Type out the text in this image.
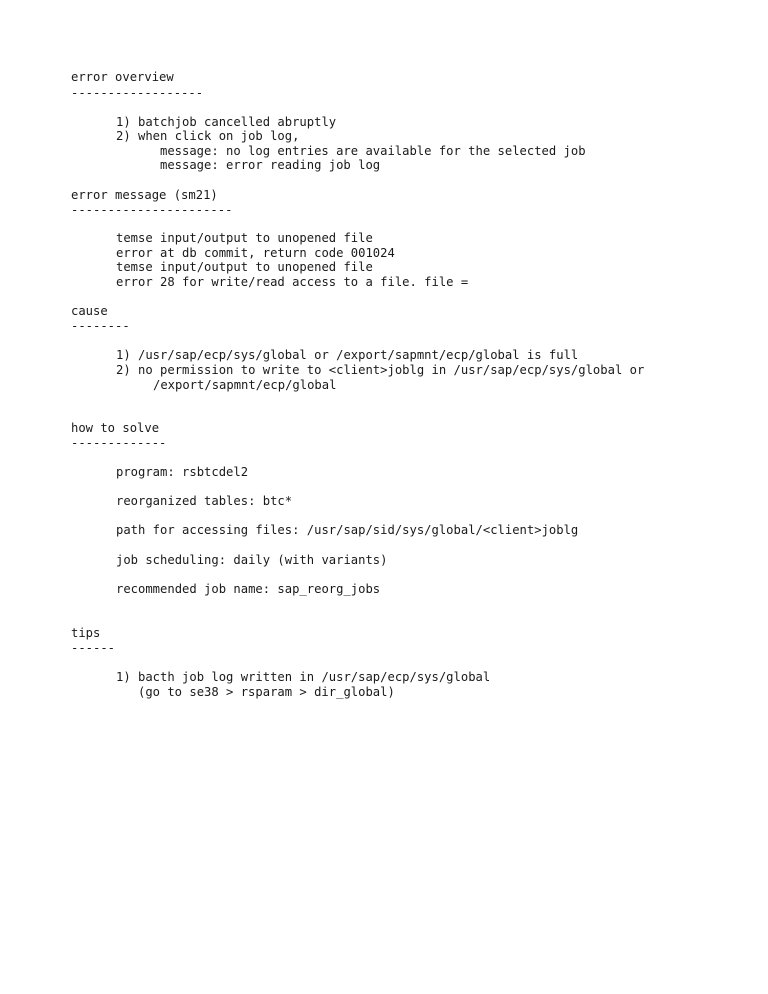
error overview

------------------

1) batchjob cancelled abruptly

2) when click on job log,

message: no log entries are available for the selected job

message: error reading job log

error message (sm21)

----------------------

temse input/output to unopened file

error at db commit, return code 001024

temse input/output to unopened file

error 28 for write/read access to a file. file =

cause

--------

1) /usr/sap/ecp/sys/global or /export/sapmnt/ecp/global is full

2) no permission to write to <client>joblg in /usr/sap/ecp/sys/global or

/export/sapmnt/ecp/global

how to solve

-------------

program: rsbtcdel2

reorganized tables: btc*

path for accessing files: /usr/sap/sid/sys/global/<client>joblg

job scheduling: daily (with variants)

recommended job name: sap_reorg_jobs

tips

------

1) bacth job log written in /usr/sap/ecp/sys/global

(go to se38 > rsparam > dir_global)
